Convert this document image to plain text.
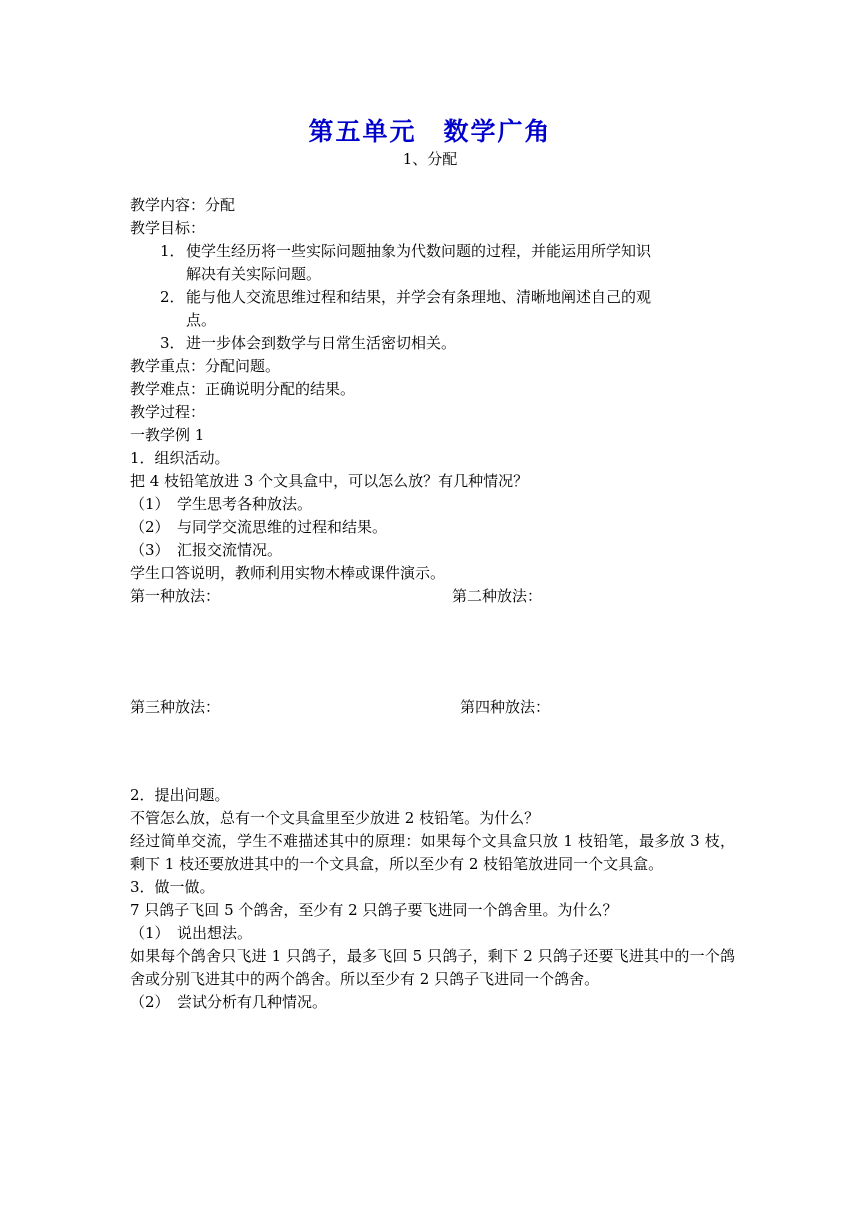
第五单元　数学广角
1、分配
教学内容：分配
教学目标：
1．使学生经历将一些实际问题抽象为代数问题的过程，并能运用所学知识
解决有关实际问题。
2．能与他人交流思维过程和结果，并学会有条理地、清晰地阐述自己的观
点。
3．进一步体会到数学与日常生活密切相关。
教学重点：分配问题。
教学难点：正确说明分配的结果。
教学过程：
一教学例 1
1．组织活动。
把 4 枝铅笔放进 3 个文具盒中，可以怎么放？有几种情况？
（1）　学生思考各种放法。
（2）　与同学交流思维的过程和结果。
（3）　汇报交流情况。
学生口答说明，教师利用实物木棒或课件演示。
第一种放法：	第二种放法：
第三种放法：	第四种放法：
2．提出问题。
不管怎么放，总有一个文具盒里至少放进 2 枝铅笔。为什么？
经过简单交流，学生不难描述其中的原理：如果每个文具盒只放 1 枝铅笔，最多放 3 枝，剩下 1 枝还要放进其中的一个文具盒，所以至少有 2 枝铅笔放进同一个文具盒。
3．做一做。
7 只鸽子飞回 5 个鸽舍，至少有 2 只鸽子要飞进同一个鸽舍里。为什么？
（1）　说出想法。
如果每个鸽舍只飞进 1 只鸽子，最多飞回 5 只鸽子，剩下 2 只鸽子还要飞进其中的一个鸽舍或分别飞进其中的两个鸽舍。所以至少有 2 只鸽子飞进同一个鸽舍。
（2）　尝试分析有几种情况。
